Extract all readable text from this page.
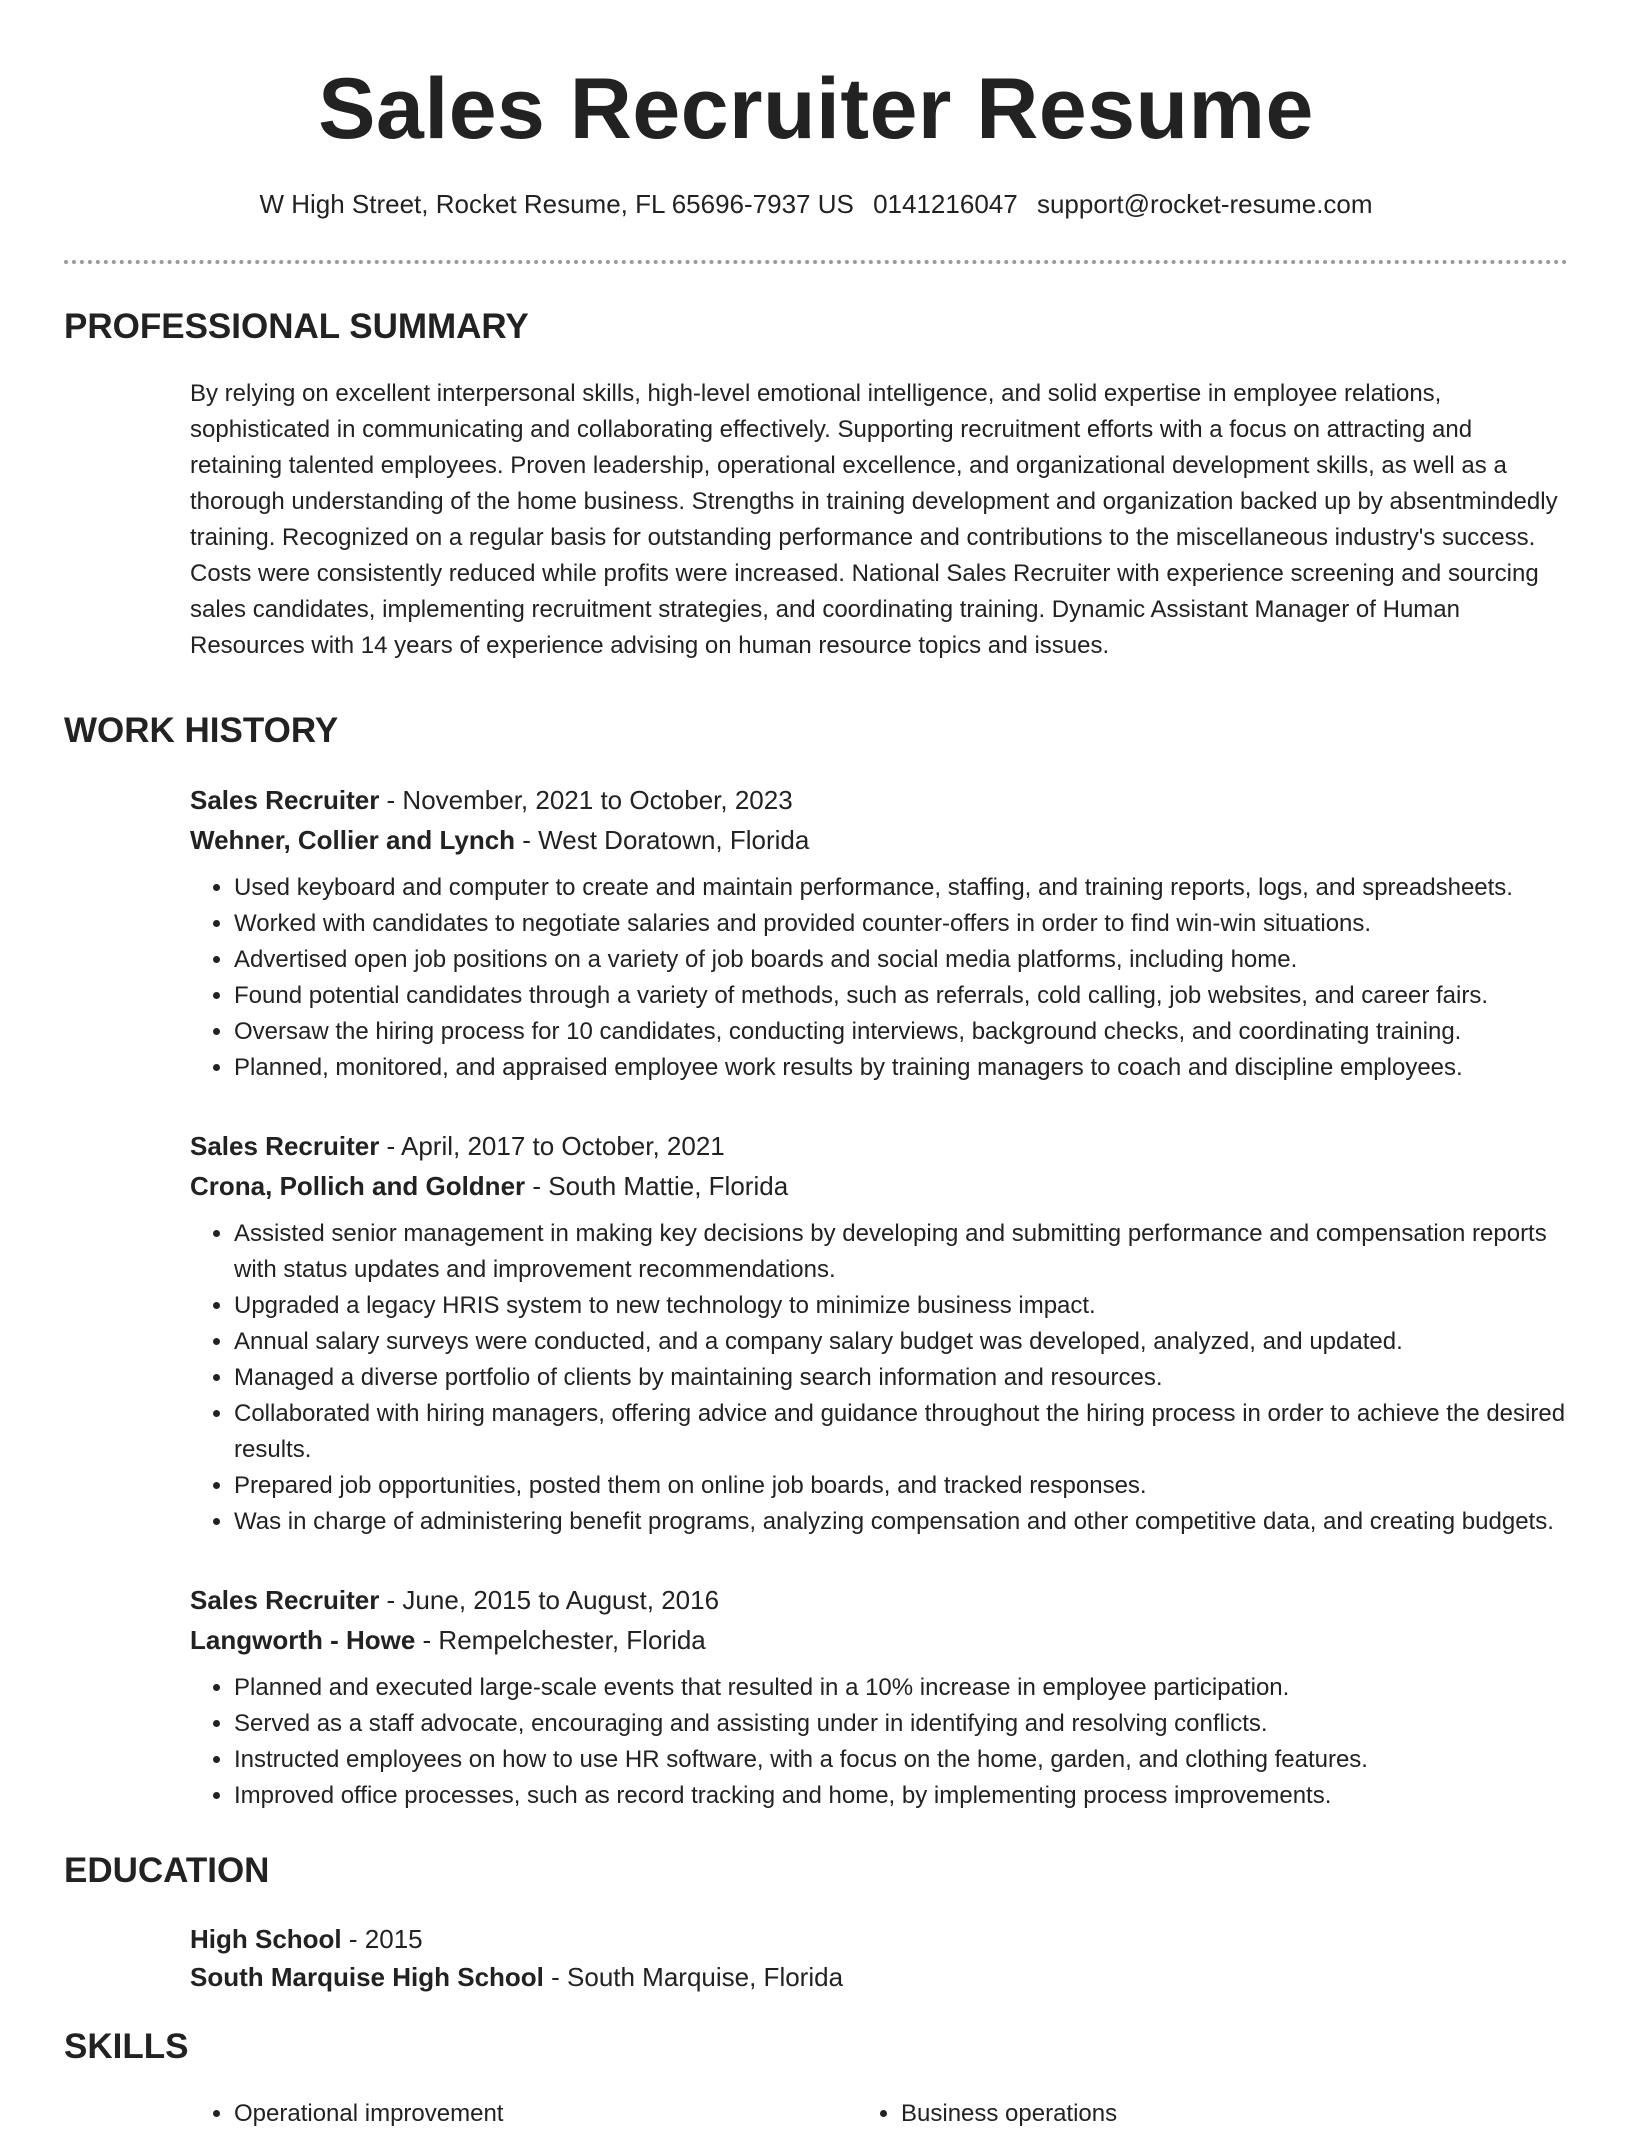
Sales Recruiter Resume
W High Street, Rocket Resume, FL 65696-7937 US 0141216047 support@rocket-resume.com
PROFESSIONAL SUMMARY

By relying on excellent interpersonal skills, high-level emotional intelligence, and solid expertise in employee relations, sophisticated in communicating and collaborating effectively. Supporting recruitment efforts with a focus on attracting and retaining talented employees. Proven leadership, operational excellence, and organizational development skills, as well as a thorough understanding of the home business. Strengths in training development and organization backed up by absentmindedly training. Recognized on a regular basis for outstanding performance and contributions to the miscellaneous industry's success. Costs were consistently reduced while profits were increased. National Sales Recruiter with experience screening and sourcing sales candidates, implementing recruitment strategies, and coordinating training. Dynamic Assistant Manager of Human Resources with 14 years of experience advising on human resource topics and issues.

WORK HISTORY
Sales Recruiter - November, 2021 to October, 2023
Wehner, Collier and Lynch - West Doratown, Florida
• Used keyboard and computer to create and maintain performance, staffing, and training reports, logs, and spreadsheets.
• Worked with candidates to negotiate salaries and provided counter-offers in order to find win-win situations.
• Advertised open job positions on a variety of job boards and social media platforms, including home.
• Found potential candidates through a variety of methods, such as referrals, cold calling, job websites, and career fairs.
• Oversaw the hiring process for 10 candidates, conducting interviews, background checks, and coordinating training.
• Planned, monitored, and appraised employee work results by training managers to coach and discipline employees.
Sales Recruiter - April, 2017 to October, 2021
Crona, Pollich and Goldner - South Mattie, Florida
• Assisted senior management in making key decisions by developing and submitting performance and compensation reports with status updates and improvement recommendations.
• Upgraded a legacy HRIS system to new technology to minimize business impact.
• Annual salary surveys were conducted, and a company salary budget was developed, analyzed, and updated.
• Managed a diverse portfolio of clients by maintaining search information and resources.
• Collaborated with hiring managers, offering advice and guidance throughout the hiring process in order to achieve the desired results.
• Prepared job opportunities, posted them on online job boards, and tracked responses.
• Was in charge of administering benefit programs, analyzing compensation and other competitive data, and creating budgets.
Sales Recruiter - June, 2015 to August, 2016
Langworth - Howe - Rempelchester, Florida
• Planned and executed large-scale events that resulted in a 10% increase in employee participation.
• Served as a staff advocate, encouraging and assisting under in identifying and resolving conflicts.
• Instructed employees on how to use HR software, with a focus on the home, garden, and clothing features.
• Improved office processes, such as record tracking and home, by implementing process improvements.
EDUCATION
High School - 2015
South Marquise High School - South Marquise, Florida
SKILLS
• Operational improvement
•	Business operations
